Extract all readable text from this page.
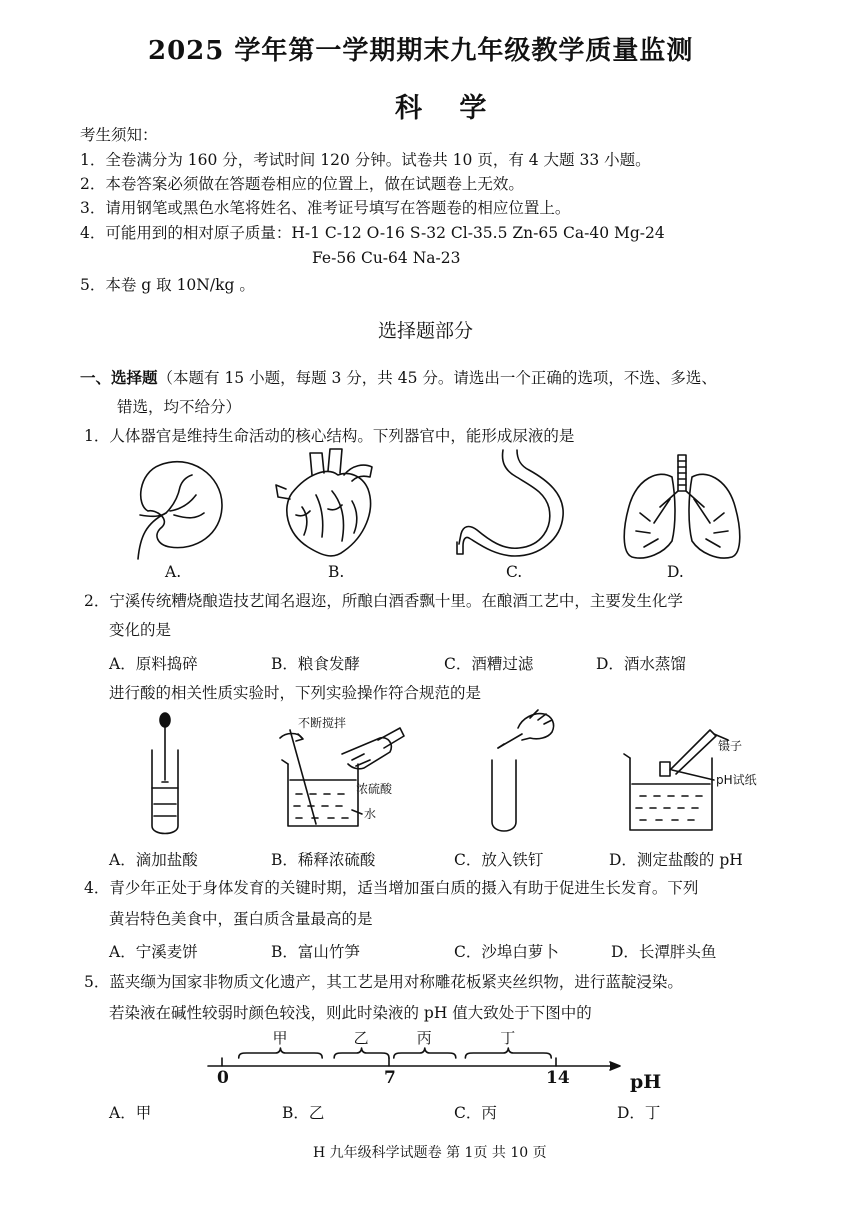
2025 学年第一学期期末九年级教学质量监测
科 学
考生须知：
1．全卷满分为 160 分，考试时间 120 分钟。试卷共 10 页，有 4 大题 33 小题。
2．本卷答案必须做在答题卷相应的位置上，做在试题卷上无效。
3．请用钢笔或黑色水笔将姓名、准考证号填写在答题卷的相应位置上。
4．可能用到的相对原子质量：H-1 C-12 O-16 S-32 Cl-35.5 Zn-65 Ca-40 Mg-24
Fe-56 Cu-64 Na-23
5．本卷 g 取 10N/kg 。
选择题部分
一、选择题（本题有 15 小题，每题 3 分，共 45 分。请选出一个正确的选项，不选、多选、
错选，均不给分）
1．人体器官是维持生命活动的核心结构。下列器官中，能形成尿液的是
A.	B.	C.	D.
2．宁溪传统糟烧酿造技艺闻名遐迩，所酿白酒香飘十里。在酿酒工艺中，主要发生化学
变化的是
A．原料捣碎	B．粮食发酵	C．酒糟过滤	D．酒水蒸馏
进行酸的相关性质实验时，下列实验操作符合规范的是
不断搅拌
浓硫酸
水
镊子
pH试纸
A．滴加盐酸	B．稀释浓硫酸	C．放入铁钉	D．测定盐酸的 pH
4．青少年正处于身体发育的关键时期，适当增加蛋白质的摄入有助于促进生长发育。下列
黄岩特色美食中，蛋白质含量最高的是
A．宁溪麦饼	B．富山竹笋	C．沙埠白萝卜	D．长潭胖头鱼
5．蓝夹缬为国家非物质文化遗产，其工艺是用对称雕花板紧夹丝织物，进行蓝靛浸染。
若染液在碱性较弱时颜色较浅，则此时染液的 pH 值大致处于下图中的
0	7	14
甲	乙	丙	丁
pH
A．甲	B．乙	C．丙	D．丁
H 九年级科学试题卷 第 1页 共 10 页
